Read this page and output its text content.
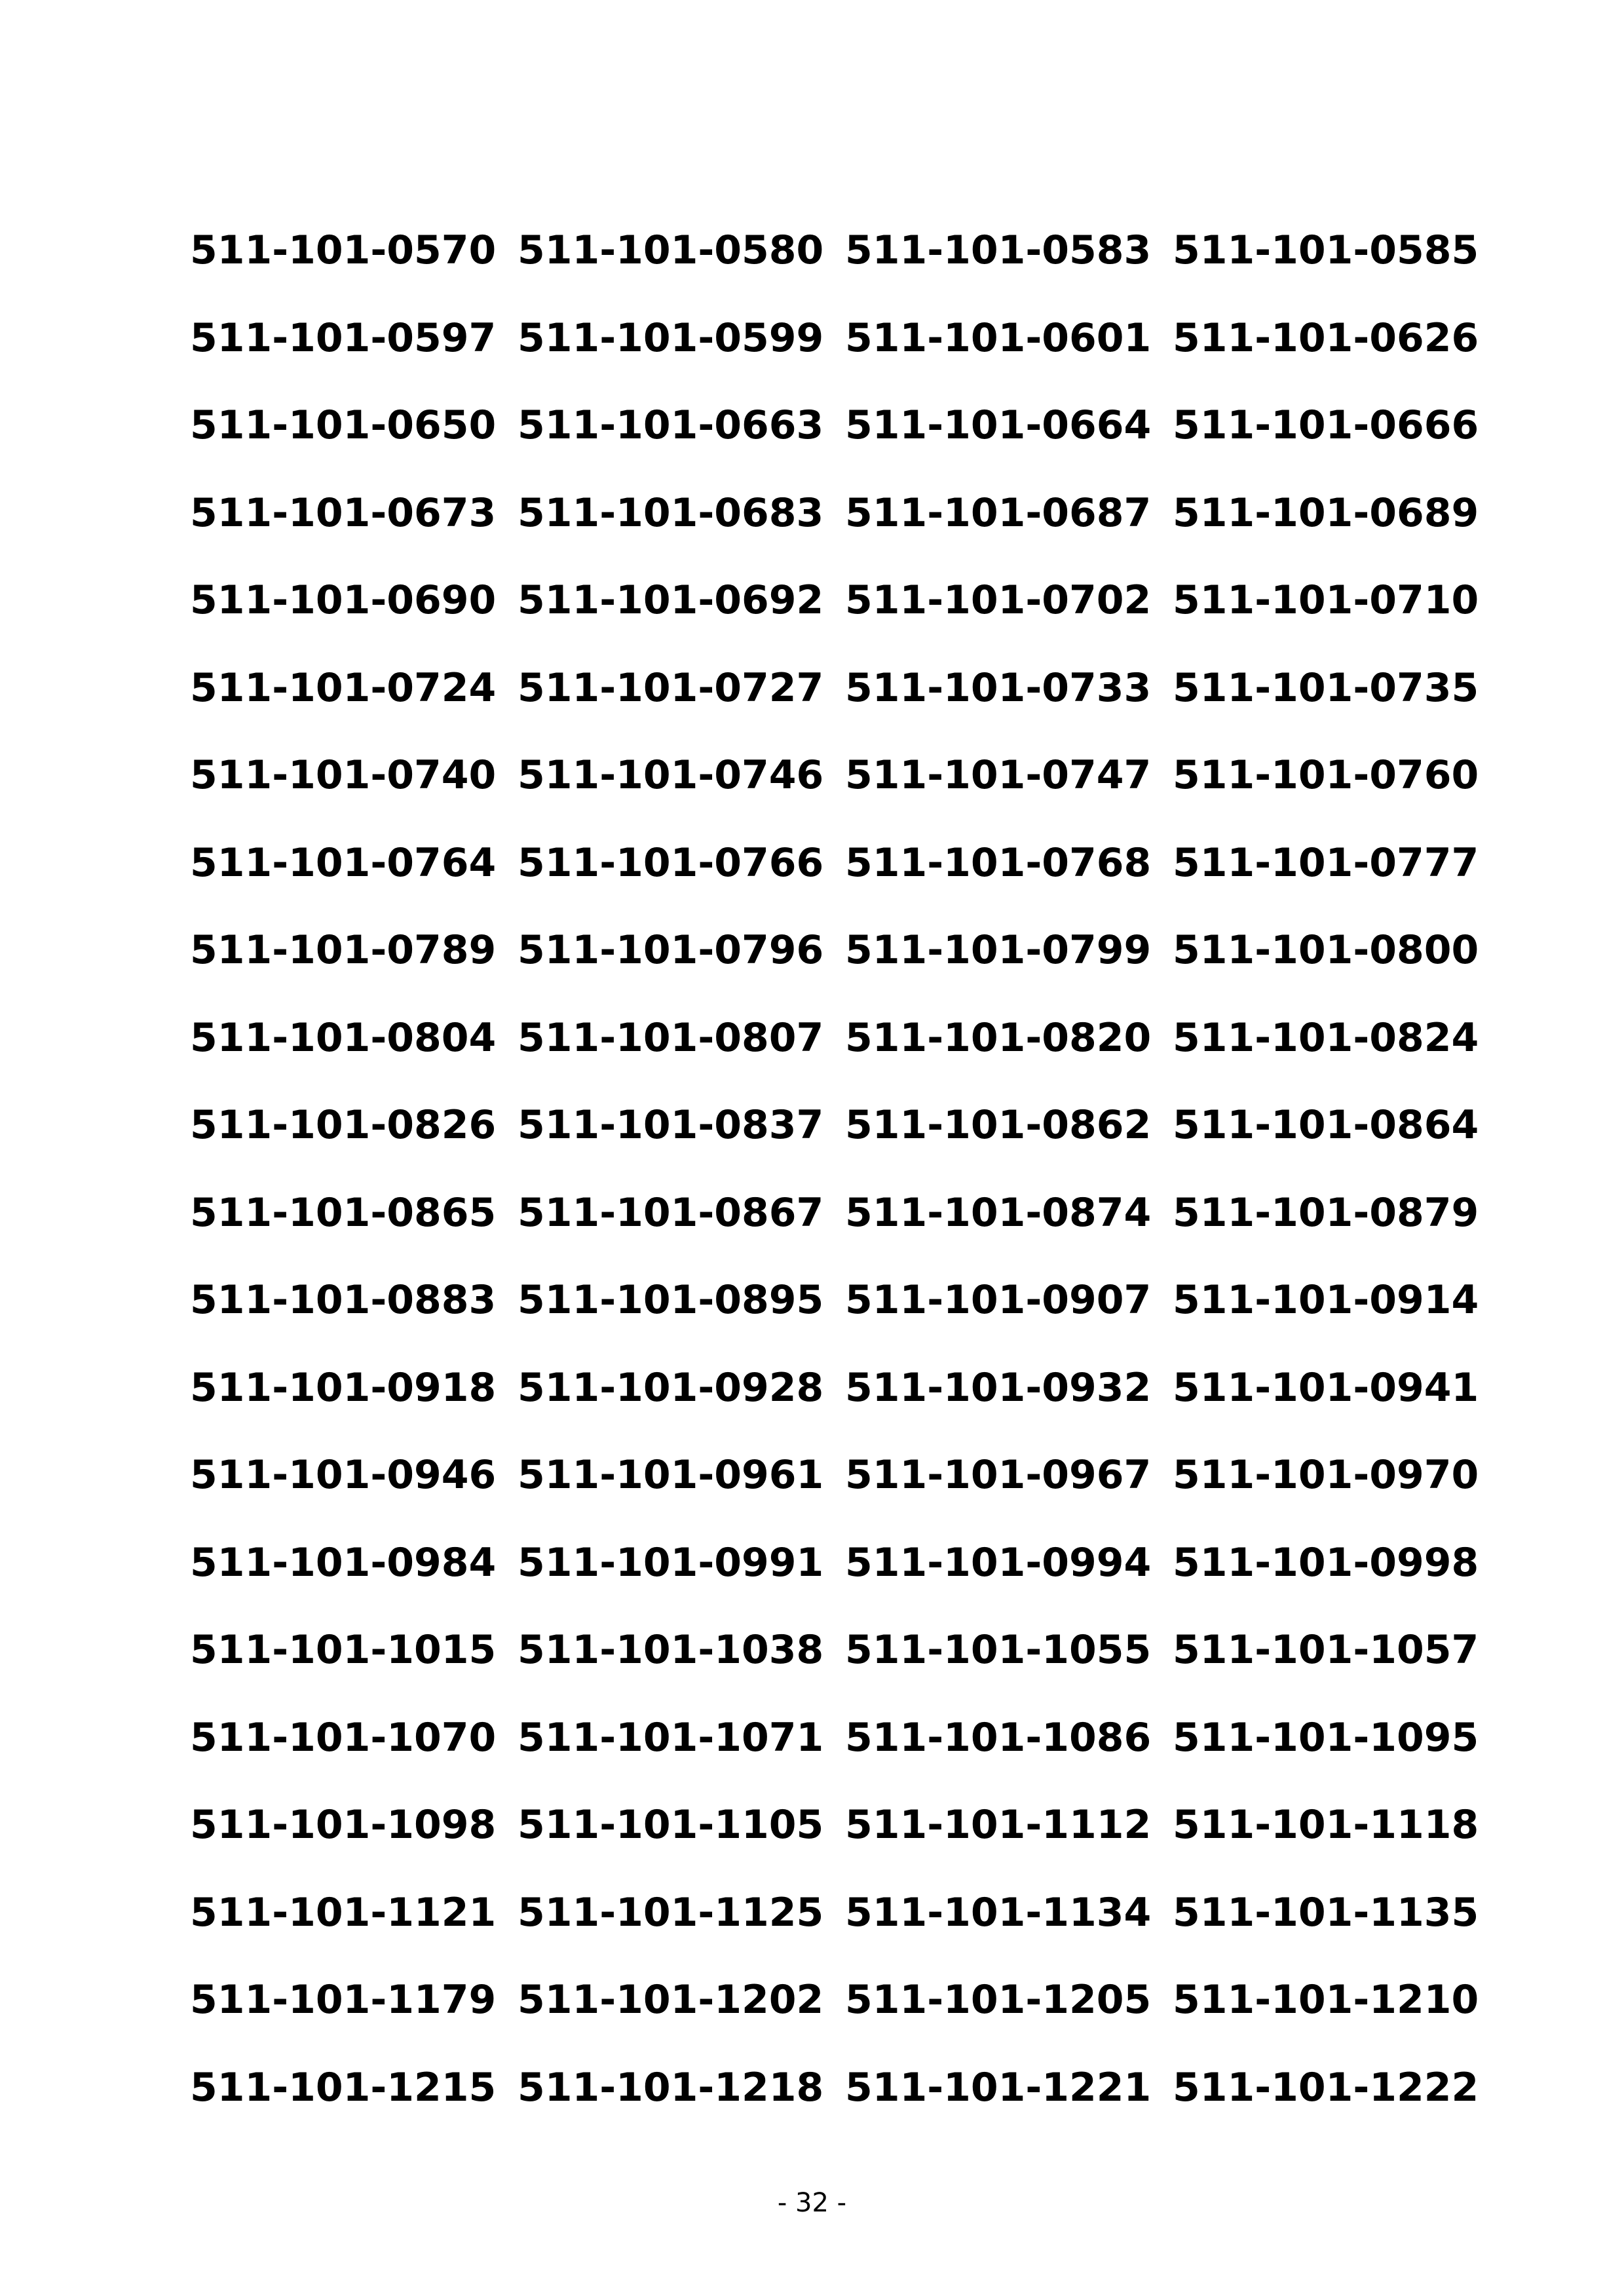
511-101-0570 511-101-0580 511-101-0583 511-101-0585
511-101-0597 511-101-0599 511-101-0601 511-101-0626
511-101-0650 511-101-0663 511-101-0664 511-101-0666
511-101-0673 511-101-0683 511-101-0687 511-101-0689
511-101-0690 511-101-0692 511-101-0702 511-101-0710
511-101-0724 511-101-0727 511-101-0733 511-101-0735
511-101-0740 511-101-0746 511-101-0747 511-101-0760
511-101-0764 511-101-0766 511-101-0768 511-101-0777
511-101-0789 511-101-0796 511-101-0799 511-101-0800
511-101-0804 511-101-0807 511-101-0820 511-101-0824
511-101-0826 511-101-0837 511-101-0862 511-101-0864
511-101-0865 511-101-0867 511-101-0874 511-101-0879
511-101-0883 511-101-0895 511-101-0907 511-101-0914
511-101-0918 511-101-0928 511-101-0932 511-101-0941
511-101-0946 511-101-0961 511-101-0967 511-101-0970
511-101-0984 511-101-0991 511-101-0994 511-101-0998
511-101-1015 511-101-1038 511-101-1055 511-101-1057
511-101-1070 511-101-1071 511-101-1086 511-101-1095
511-101-1098 511-101-1105 511-101-1112 511-101-1118
511-101-1121 511-101-1125 511-101-1134 511-101-1135
511-101-1179 511-101-1202 511-101-1205 511-101-1210
511-101-1215 511-101-1218 511-101-1221 511-101-1222
- 32 -
